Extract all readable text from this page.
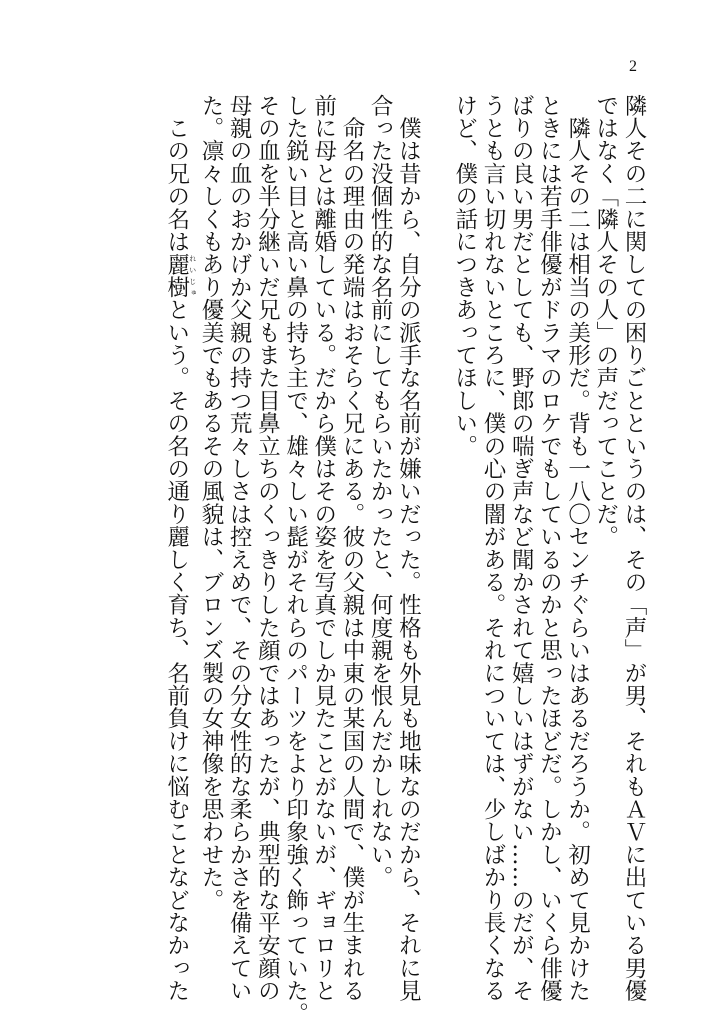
2
隣人その二に関しての困りごとというのは、その「声」が男、それもＡＶに出ている男優
ではなく「隣人その人」の声だってことだ。
　隣人その二は相当の美形だ。背も一八〇センチぐらいはあるだろうか。初めて見かけた
ときには若手俳優がドラマのロケでもしているのかと思ったほどだ。しかし、いくら俳優
ばりの良い男だとしても、野郎の喘ぎ声など聞かされて嬉しいはずがない……のだが、そ
うとも言い切れないところに、僕の心の闇がある。それについては、少しばかり長くなる
けど、僕の話につきあってほしい。

　僕は昔から、自分の派手な名前が嫌いだった。性格も外見も地味なのだから、それに見
合った没個性的な名前にしてもらいたかったと、何度親を恨んだかしれない。
　命名の理由の発端はおそらく兄にある。彼の父親は中東の某国の人間で、僕が生まれる
前に母とは離婚している。だから僕はその姿を写真でしか見たことがないが、ギョロリと
した鋭い目と高い鼻の持ち主で、雄々しい髭がそれらのパーツをより印象強く飾っていた。
その血を半分継いだ兄もまた目鼻立ちのくっきりした顔ではあったが、典型的な平安顔の
母親の血のおかげか父親の持つ荒々しさは控えめで、その分女性的な柔らかさを備えてい
た。凛々しくもあり優美でもあるその風貌は、ブロンズ製の女神像を思わせた。
　この兄の名は麗樹 れいじゅという。その名の通り麗しく育ち、名前負けに悩むことなどなかった
